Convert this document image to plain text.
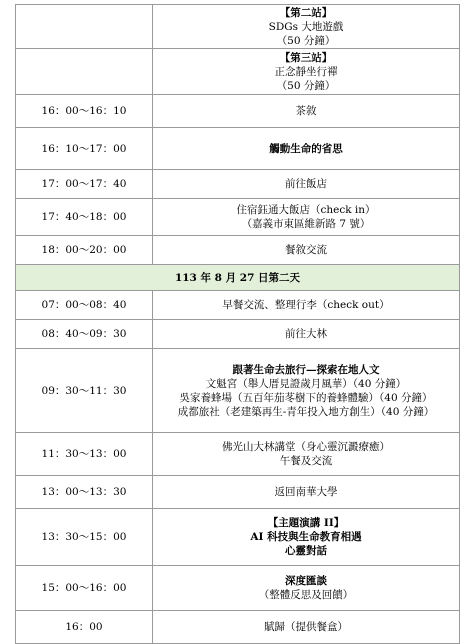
	【第二站】
SDGs 大地遊戲
（50 分鐘）

	【第三站】
正念靜坐行禪
（50 分鐘）

16：00～16：10	茶敘

16：10～17：00	觸動生命的省思

17：00～17：40	前往飯店

17：40～18：00	住宿鈺通大飯店（check in）
（嘉義市東區維新路 7 號）

18：00～20：00	餐敘交流

113 年 8 月 27 日第二天	
07：00～08：40	早餐交流、整理行李（check out）

08：40～09：30	前往大林

09：30～11：30	跟著生命去旅行—探索在地人文
文魁宮（舉人厝見證歲月風華）（40 分鐘）
吳家養蜂場（五百年茄苳樹下的養蜂體驗）（40 分鐘）
成都旅社（老建築再生-青年投入地方創生）（40 分鐘）

11：30～13：00	佛光山大林講堂（身心靈沉澱療癒）
午餐及交流

13：00～13：30	返回南華大學

13：30～15：00	【主題演講 II】
AI 科技與生命教育相遇
心靈對話

15：00～16：00	深度匯談
（整體反思及回饋）

16：00	賦歸（提供餐盒）
